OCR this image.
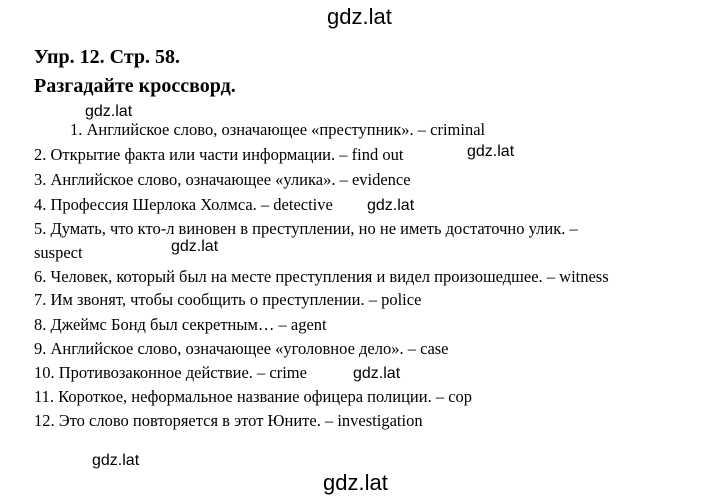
gdz.lat
Упр. 12. Стр. 58.
Разгадайте кроссворд.
gdz.lat
1. Английское слово, означающее «преступник». – criminal
2. Открытие факта или части информации. – find out	gdz.lat
3. Английское слово, означающее «улика». – evidence
4. Профессия Шерлока Холмса. – detective gdz.lat
5. Думать, что кто-л виновен в преступлении, но не иметь достаточно улик. –
suspect	gdz.lat
6. Человек, который был на месте преступления и видел произошедшее. – witness
7. Им звонят, чтобы сообщить о преступлении. – police
8. Джеймс Бонд был секретным… – agent
9. Английское слово, означающее «уголовное дело». – case
10. Противозаконное действие. – crime	gdz.lat
11. Короткое, неформальное название офицера полиции. – cop
12. Это слово повторяется в этот Юните. – investigation
gdz.lat
gdz.lat
